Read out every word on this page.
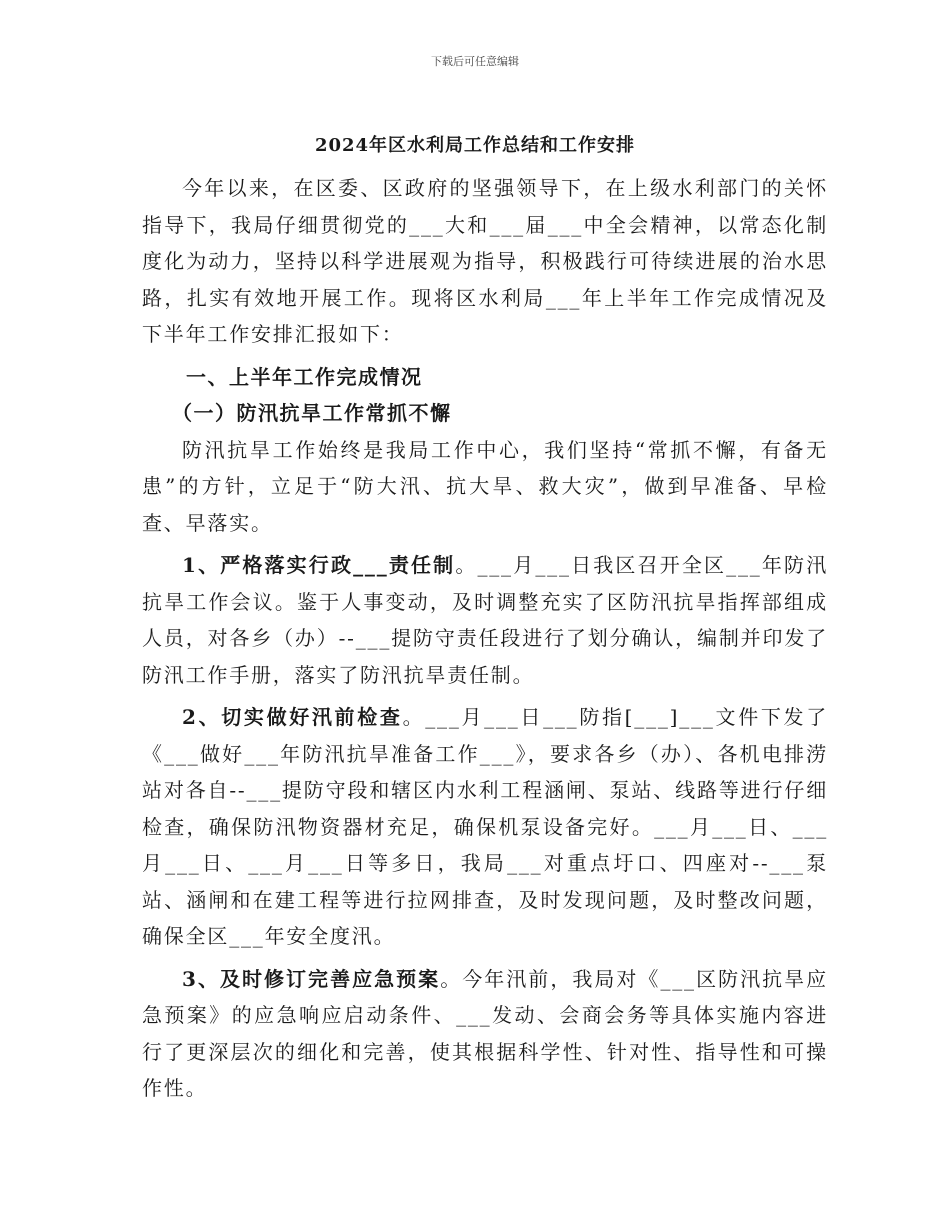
下载后可任意编辑
2024年区水利局工作总结和工作安排

今年以来，在区委、区政府的坚强领导下，在上级水利部门的关怀指导下，我局仔细贯彻党的___大和___届___中全会精神，以常态化制度化为动力，坚持以科学进展观为指导，积极践行可待续进展的治水思路，扎实有效地开展工作。现将区水利局___年上半年工作完成情况及下半年工作安排汇报如下：

一、上半年工作完成情况

（一）防汛抗旱工作常抓不懈

防汛抗旱工作始终是我局工作中心，我们坚持“常抓不懈，有备无患”的方针，立足于“防大汛、抗大旱、救大灾”，做到早准备、早检查、早落实。

1、严格落实行政___责任制。___月___日我区召开全区___年防汛抗旱工作会议。鉴于人事变动，及时调整充实了区防汛抗旱指挥部组成人员，对各乡（办）--___提防守责任段进行了划分确认，编制并印发了防汛工作手册，落实了防汛抗旱责任制。

2、切实做好汛前检查。___月___日___防指[___]___文件下发了《___做好___年防汛抗旱准备工作___》，要求各乡（办）、各机电排涝站对各自--___提防守段和辖区内水利工程涵闸、泵站、线路等进行仔细检查，确保防汛物资器材充足，确保机泵设备完好。___月___日、___月___日、___月___日等多日，我局___对重点圩口、四座对--___泵站、涵闸和在建工程等进行拉网排查，及时发现问题，及时整改问题，确保全区___年安全度汛。

3、及时修订完善应急预案。今年汛前，我局对《___区防汛抗旱应急预案》的应急响应启动条件、___发动、会商会务等具体实施内容进行了更深层次的细化和完善，使其根据科学性、针对性、指导性和可操作性。
